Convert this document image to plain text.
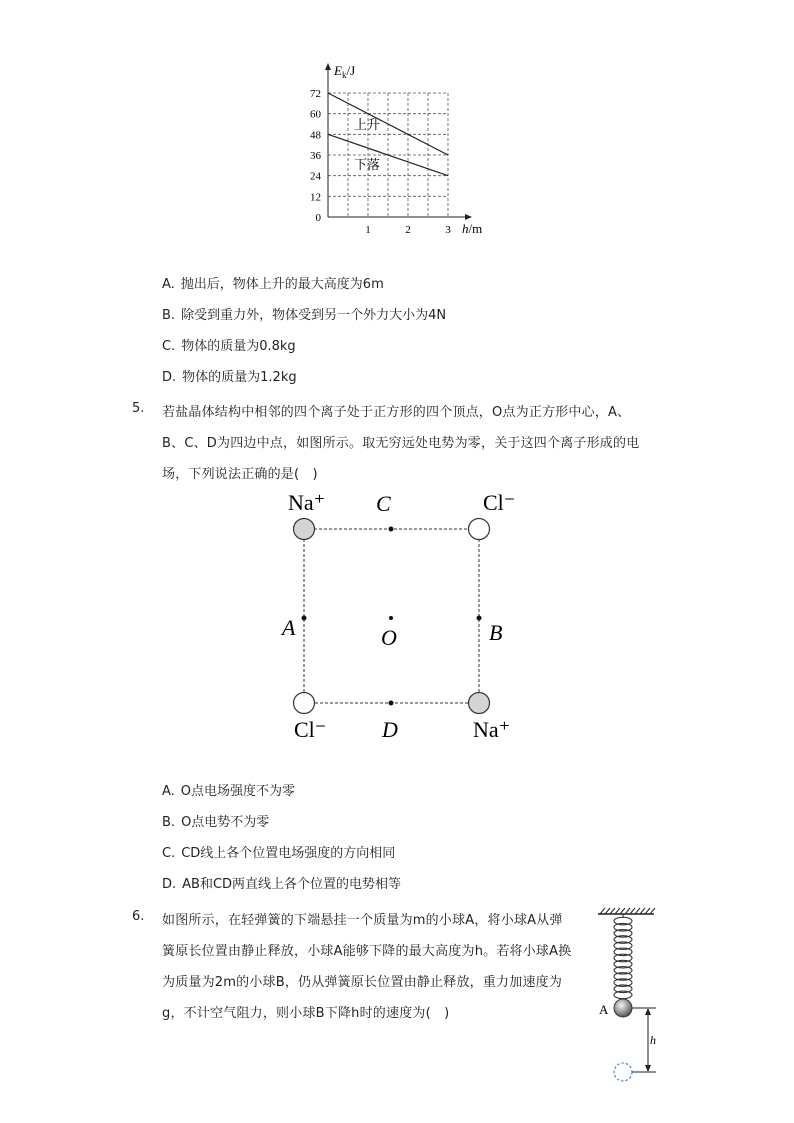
$E_k/J$
h/m
72
60
48
36
24
12
0
1	2	3
上升
下落
A. 抛出后，物体上升的最大高度为6m
B. 除受到重力外，物体受到另一个外力大小为4N
C. 物体的质量为0.8kg
D. 物体的质量为1.2kg
5. 若盐晶体结构中相邻的四个离子处于正方形的四个顶点，O点为正方形中心，A、
B、C、D为四边中点，如图所示。取无穷远处电势为零，关于这四个离子形成的电
场，下列说法正确的是(　)
Na⁺	Cl⁻
Cl⁻	Na⁺
C
D
A	B
O
A. O点电场强度不为零
B. O点电势不为零
C. CD线上各个位置电场强度的方向相同
D. AB和CD两直线上各个位置的电势相等
6. 如图所示，在轻弹簧的下端悬挂一个质量为m的小球A，将小球A从弹
簧原长位置由静止释放，小球A能够下降的最大高度为h。若将小球A换
为质量为2m的小球B，仍从弹簧原长位置由静止释放，重力加速度为
g，不计空气阻力，则小球B下降h时的速度为(　)	A
h
